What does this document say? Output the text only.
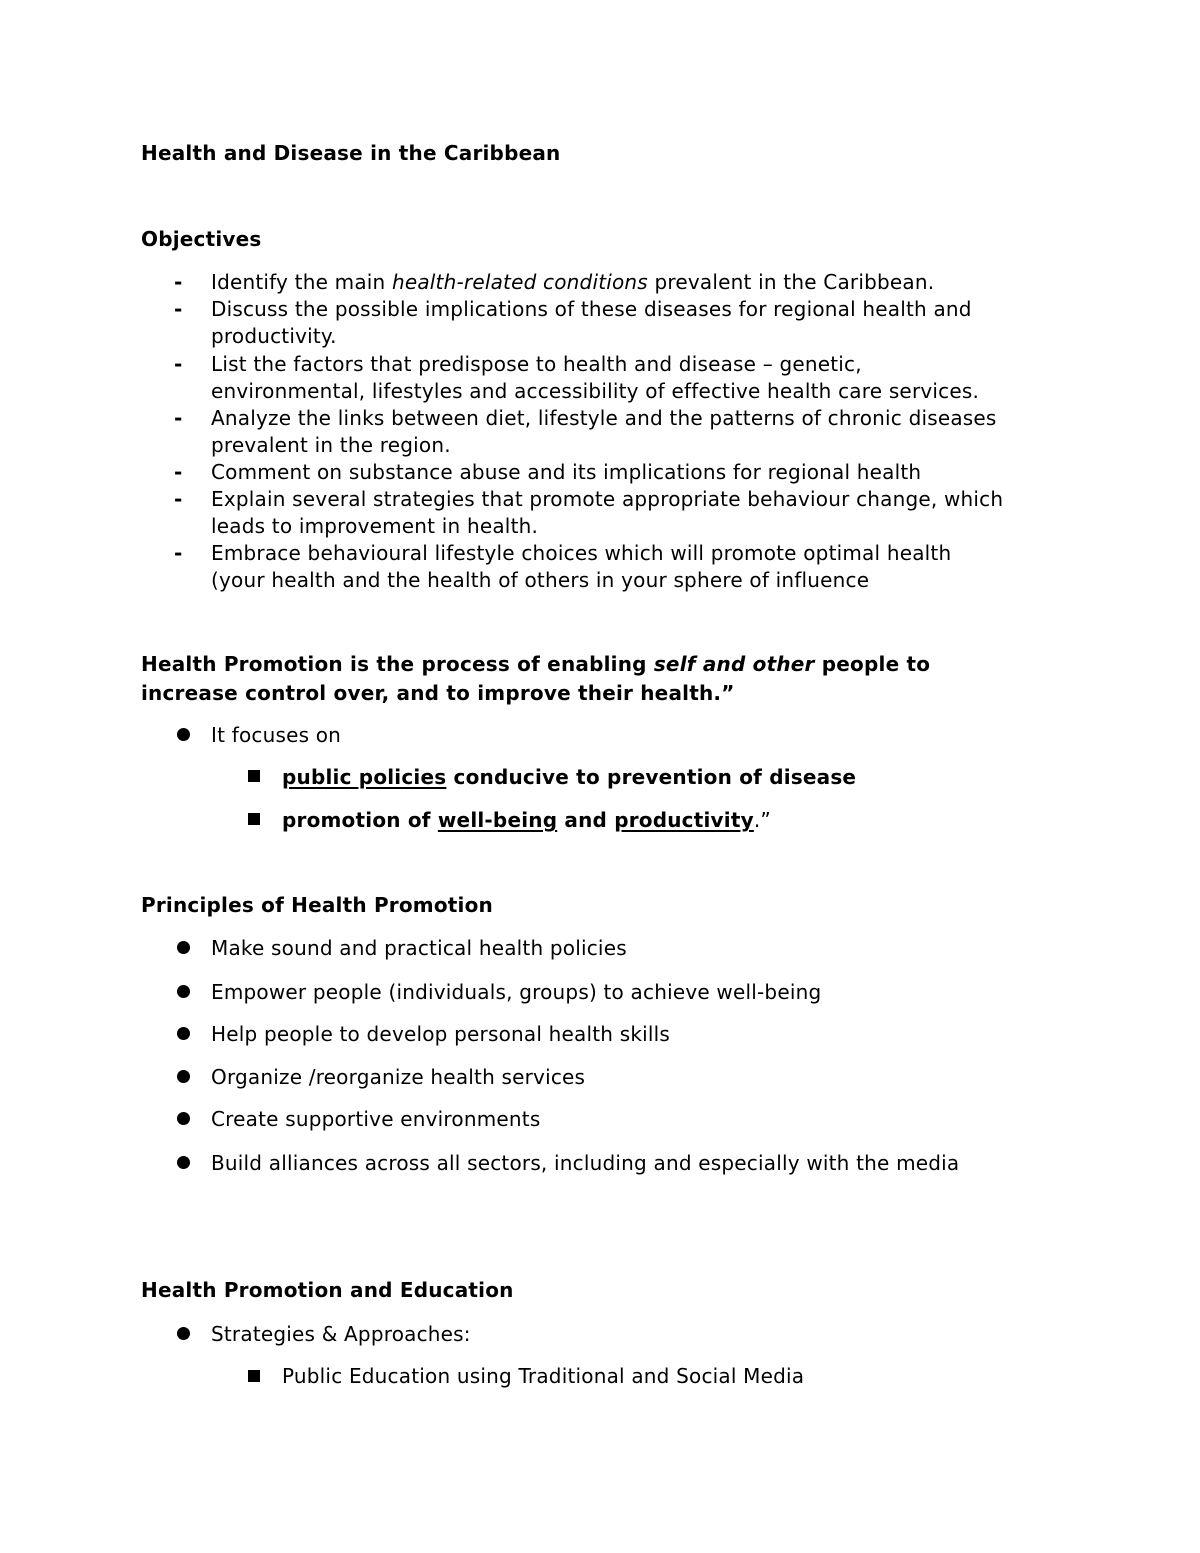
Health and Disease in the Caribbean
Objectives
- Identify the main health-related conditions prevalent in the Caribbean.
- Discuss the possible implications of these diseases for regional health and
productivity.
- List the factors that predispose to health and disease – genetic,
environmental, lifestyles and accessibility of effective health care services.
- Analyze the links between diet, lifestyle and the patterns of chronic diseases
prevalent in the region.
- Comment on substance abuse and its implications for regional health
- Explain several strategies that promote appropriate behaviour change, which
leads to improvement in health.
- Embrace behavioural lifestyle choices which will promote optimal health
(your health and the health of others in your sphere of influence
Health Promotion is the process of enabling self and other people to
increase control over, and to improve their health.”
It focuses on
public policies conducive to prevention of disease
promotion of well-being and productivity.”
Principles of Health Promotion
Make sound and practical health policies
Empower people (individuals, groups) to achieve well-being
Help people to develop personal health skills
Organize /reorganize health services
Create supportive environments
Build alliances across all sectors, including and especially with the media
Health Promotion and Education
Strategies & Approaches:
Public Education using Traditional and Social Media
